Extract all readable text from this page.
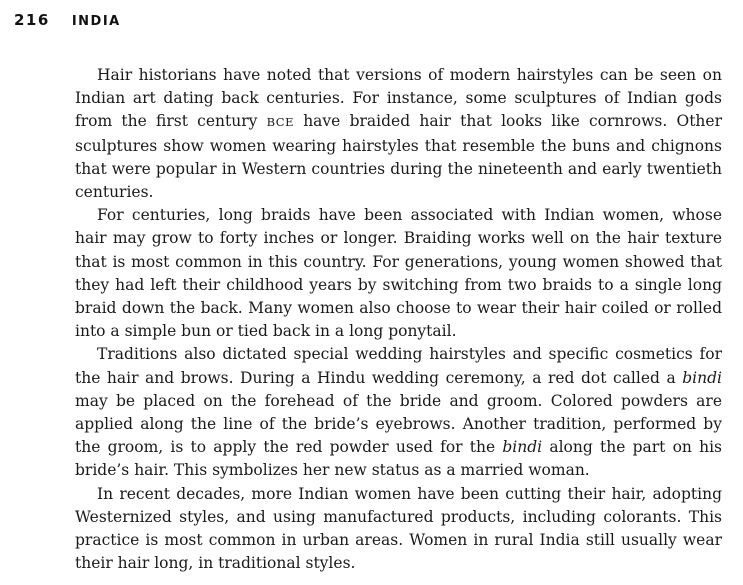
216 INDIA

Hair historians have noted that versions of modern hairstyles can be seen on Indian art dating back centuries. For instance, some sculptures of Indian gods from the first century BCE have braided hair that looks like cornrows. Other sculptures show women wearing hairstyles that resemble the buns and chignons that were popular in Western countries during the nineteenth and early twentieth centuries.

For centuries, long braids have been associated with Indian women, whose hair may grow to forty inches or longer. Braiding works well on the hair texture that is most common in this country. For generations, young women showed that they had left their childhood years by switching from two braids to a single long braid down the back. Many women also choose to wear their hair coiled or rolled into a simple bun or tied back in a long ponytail.

Traditions also dictated special wedding hairstyles and specific cosmetics for the hair and brows. During a Hindu wedding ceremony, a red dot called a bindi may be placed on the forehead of the bride and groom. Colored powders are applied along the line of the bride’s eyebrows. Another tradition, performed by the groom, is to apply the red powder used for the bindi along the part on his bride’s hair. This symbolizes her new status as a married woman.

In recent decades, more Indian women have been cutting their hair, adopting Westernized styles, and using manufactured products, including colorants. This practice is most common in urban areas. Women in rural India still usually wear their hair long, in traditional styles.
